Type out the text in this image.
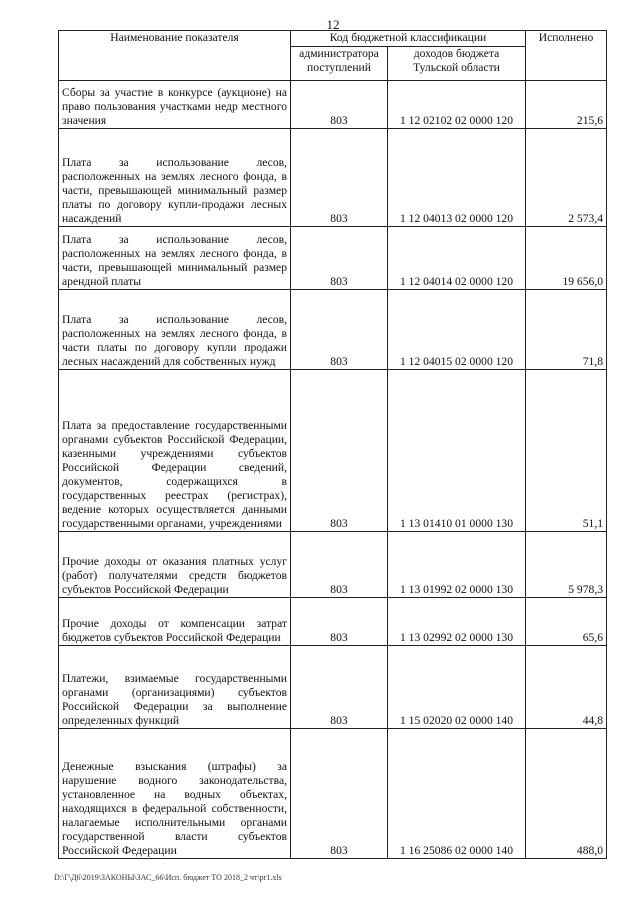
12
Наименование показателя	Код бюджетной классификации		Исполнено
	администратора поступлений	доходов бюджета Тульской области	
Сборы за участие в конкурсе (аукционе) на право пользования участками недр местного значения	803	1 12 02102 02 0000 120	215,6
Плата за использование лесов, расположенных на землях лесного фонда, в части, превышающей минимальный размер платы по договору купли-продажи лесных насаждений	803	1 12 04013 02 0000 120	2 573,4
Плата за использование лесов, расположенных на землях лесного фонда, в части, превышающей минимальный размер арендной платы	803	1 12 04014 02 0000 120	19 656,0
Плата за использование лесов, расположенных на землях лесного фонда, в части платы по договору купли продажи лесных насаждений для собственных нужд	803	1 12 04015 02 0000 120	71,8
Плата за предоставление государственными органами субъектов Российской Федерации, казенными учреждениями субъектов Российской Федерации сведений, документов, содержащихся в государственных реестрах (регистрах), ведение которых осуществляется данными государственными органами, учреждениями	803	1 13 01410 01 0000 130	51,1
Прочие доходы от оказания платных услуг (работ) получателями средств бюджетов субъектов Российской Федерации	803	1 13 01992 02 0000 130	5 978,3
Прочие доходы от компенсации затрат бюджетов субъектов Российской Федерации	803	1 13 02992 02 0000 130	65,6
Платежи, взимаемые государственными органами (организациями) субъектов Российской Федерации за выполнение определенных функций	803	1 15 02020 02 0000 140	44,8
Денежные взыскания (штрафы) за нарушение водного законодательства, установленное на водных объектах, находящихся в федеральной собственности, налагаемые исполнительными органами государственной власти субъектов Российской Федерации	803	1 16 25086 02 0000 140	488,0
D:\Г\Д6\2019\ЗАКОНЫ\ЗАС_66\Исп. бюджет ТО 2018_2 чт\pr1.xls
